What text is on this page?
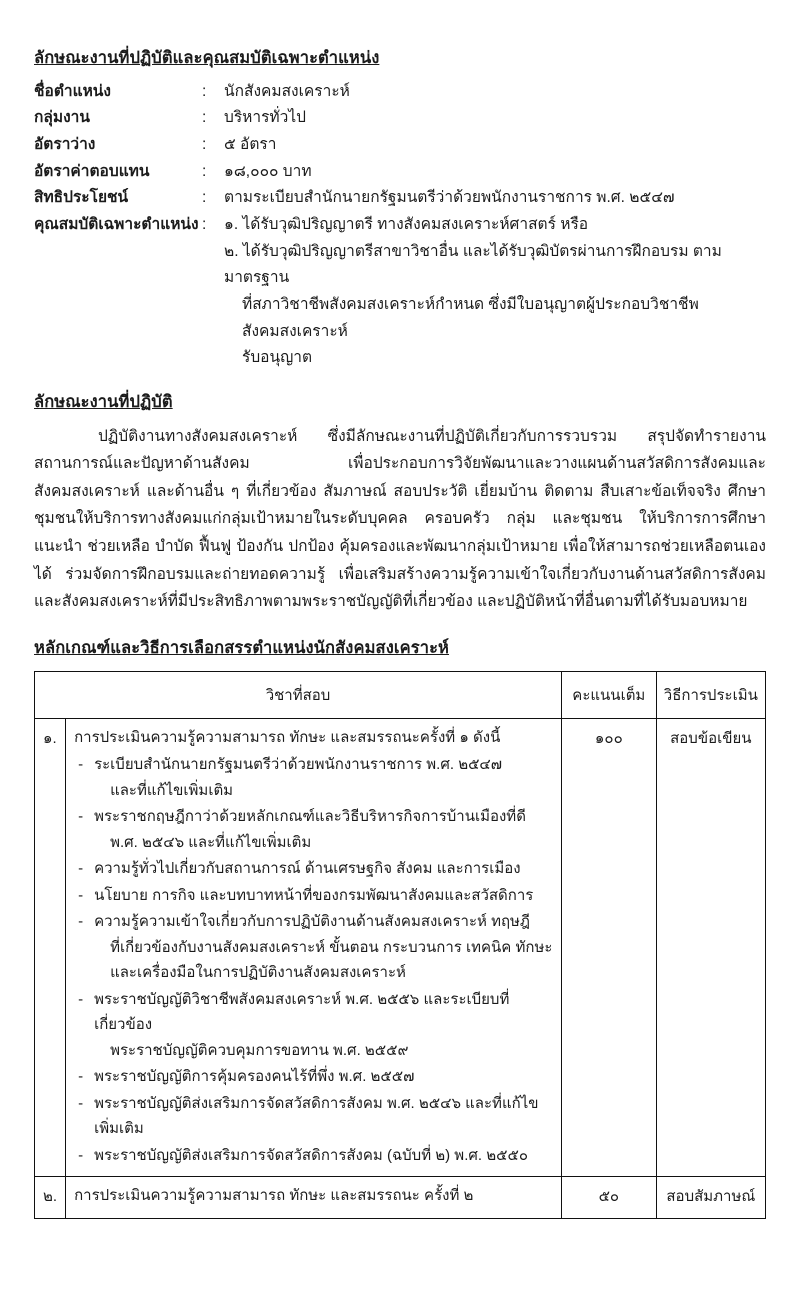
ลักษณะงานที่ปฏิบัติและคุณสมบัติเฉพาะตำแหน่ง
ชื่อตำแหน่ง	:	นักสังคมสงเคราะห์
กลุ่มงาน	:	บริหารทั่วไป
อัตราว่าง	:	๕ อัตรา
อัตราค่าตอบแทน	:	๑๘,๐๐๐ บาท
สิทธิประโยชน์	:	ตามระเบียบสำนักนายกรัฐมนตรีว่าด้วยพนักงานราชการ พ.ศ. ๒๕๔๗
คุณสมบัติเฉพาะตำแหน่ง :	๑. ได้รับวุฒิปริญญาตรี ทางสังคมสงเคราะห์ศาสตร์ หรือ
๒. ได้รับวุฒิปริญญาตรีสาขาวิชาอื่น และได้รับวุฒิบัตรผ่านการฝึกอบรม ตามมาตรฐาน
ที่สภาวิชาชีพสังคมสงเคราะห์กำหนด ซึ่งมีใบอนุญาตผู้ประกอบวิชาชีพสังคมสงเคราะห์
รับอนุญาต
ลักษณะงานที่ปฏิบัติ

ปฏิบัติงานทางสังคมสงเคราะห์ ซึ่งมีลักษณะงานที่ปฏิบัติเกี่ยวกับการรวบรวม สรุปจัดทำรายงานสถานการณ์และปัญหาด้านสังคม เพื่อประกอบการวิจัยพัฒนาและวางแผนด้านสวัสดิการสังคมและสังคมสงเคราะห์ และด้านอื่น ๆ ที่เกี่ยวข้อง สัมภาษณ์ สอบประวัติ เยี่ยมบ้าน ติดตาม สืบเสาะข้อเท็จจริง ศึกษาชุมชนให้บริการทางสังคมแก่กลุ่มเป้าหมายในระดับบุคคล ครอบครัว กลุ่ม และชุมชน ให้บริการการศึกษา แนะนำ ช่วยเหลือ บำบัด ฟื้นฟู ป้องกัน ปกป้อง คุ้มครองและพัฒนากลุ่มเป้าหมาย เพื่อให้สามารถช่วยเหลือตนเองได้ ร่วมจัดการฝึกอบรมและถ่ายทอดความรู้ เพื่อเสริมสร้างความรู้ความเข้าใจเกี่ยวกับงานด้านสวัสดิการสังคมและสังคมสงเคราะห์ที่มีประสิทธิภาพตามพระราชบัญญัติที่เกี่ยวข้อง และปฏิบัติหน้าที่อื่นตามที่ได้รับมอบหมาย

หลักเกณฑ์และวิธีการเลือกสรรตำแหน่งนักสังคมสงเคราะห์
วิชาที่สอบ		คะแนนเต็ม	วิธีการประเมิน
๑.	การประเมินความรู้ความสามารถ ทักษะ และสมรรถนะครั้งที่ ๑ ดังนี้
- ระเบียบสำนักนายกรัฐมนตรีว่าด้วยพนักงานราชการ พ.ศ. ๒๕๔๗
และที่แก้ไขเพิ่มเติม
- พระราชกฤษฎีกาว่าด้วยหลักเกณฑ์และวิธีบริหารกิจการบ้านเมืองที่ดี
พ.ศ. ๒๕๔๖ และที่แก้ไขเพิ่มเติม
- ความรู้ทั่วไปเกี่ยวกับสถานการณ์ ด้านเศรษฐกิจ สังคม และการเมือง
- นโยบาย การกิจ และบทบาทหน้าที่ของกรมพัฒนาสังคมและสวัสดิการ
- ความรู้ความเข้าใจเกี่ยวกับการปฏิบัติงานด้านสังคมสงเคราะห์ ทฤษฎี
ที่เกี่ยวข้องกับงานสังคมสงเคราะห์ ขั้นตอน กระบวนการ เทคนิค ทักษะ และเครื่องมือในการปฏิบัติงานสังคมสงเคราะห์
- พระราชบัญญัติวิชาชีพสังคมสงเคราะห์ พ.ศ. ๒๕๕๖ และระเบียบที่เกี่ยวข้อง
พระราชบัญญัติควบคุมการขอทาน พ.ศ. ๒๕๕๙
- พระราชบัญญัติการคุ้มครองคนไร้ที่พึ่ง พ.ศ. ๒๕๕๗
- พระราชบัญญัติส่งเสริมการจัดสวัสดิการสังคม พ.ศ. ๒๕๔๖ และที่แก้ไขเพิ่มเติม
- พระราชบัญญัติส่งเสริมการจัดสวัสดิการสังคม (ฉบับที่ ๒) พ.ศ. ๒๕๕๐
	๑๐๐	สอบข้อเขียน
๒.	การประเมินความรู้ความสามารถ ทักษะ และสมรรถนะ ครั้งที่ ๒	๕๐	สอบสัมภาษณ์
